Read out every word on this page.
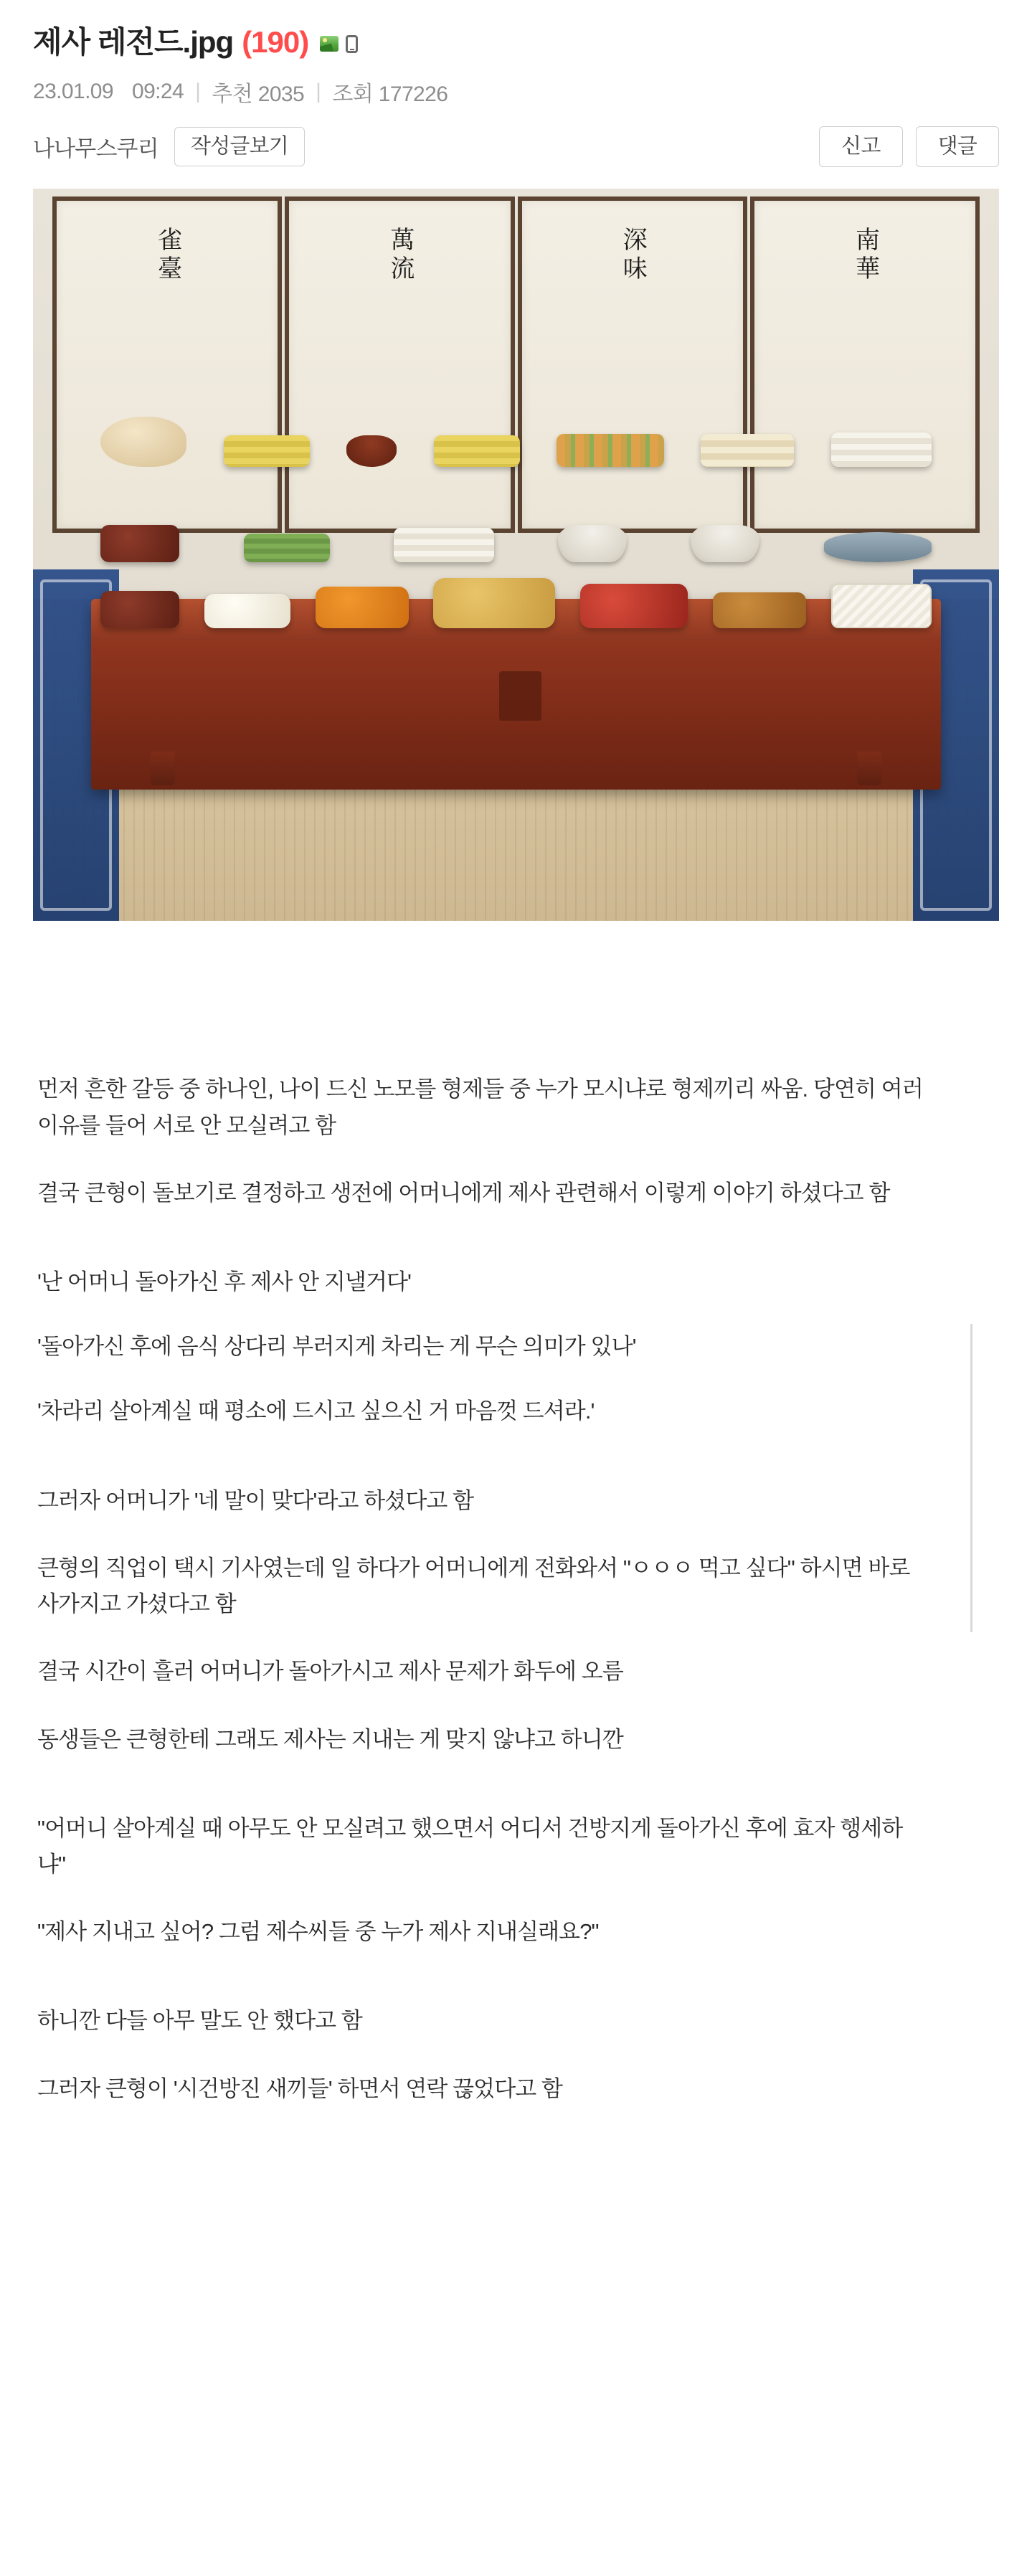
제사 레전드.jpg (190)
23.01.09 09:24 | 추천 2035 | 조회 177226
나나무스쿠리	작성글보기	신고	댓글
雀臺	萬流	深味	南華

먼저 흔한 갈등 중 하나인, 나이 드신 노모를 형제들 중 누가 모시냐로 형제끼리 싸움. 당연히 여러 이유를 들어 서로 안 모실려고 함

결국 큰형이 돌보기로 결정하고 생전에 어머니에게 제사 관련해서 이렇게 이야기 하셨다고 함

'난 어머니 돌아가신 후 제사 안 지낼거다'

'돌아가신 후에 음식 상다리 부러지게 차리는 게 무슨 의미가 있나'

'차라리 살아계실 때 평소에 드시고 싶으신 거 마음껏 드셔라.'

그러자 어머니가 '네 말이 맞다'라고 하셨다고 함

큰형의 직업이 택시 기사였는데 일 하다가 어머니에게 전화와서 "ㅇㅇㅇ 먹고 싶다" 하시면 바로 사가지고 가셨다고 함

결국 시간이 흘러 어머니가 돌아가시고 제사 문제가 화두에 오름

동생들은 큰형한테 그래도 제사는 지내는 게 맞지 않냐고 하니깐

"어머니 살아계실 때 아무도 안 모실려고 했으면서 어디서 건방지게 돌아가신 후에 효자 행세하냐"

"제사 지내고 싶어? 그럼 제수씨들 중 누가 제사 지내실래요?"

하니깐 다들 아무 말도 안 했다고 함

그러자 큰형이 '시건방진 새끼들' 하면서 연락 끊었다고 함
